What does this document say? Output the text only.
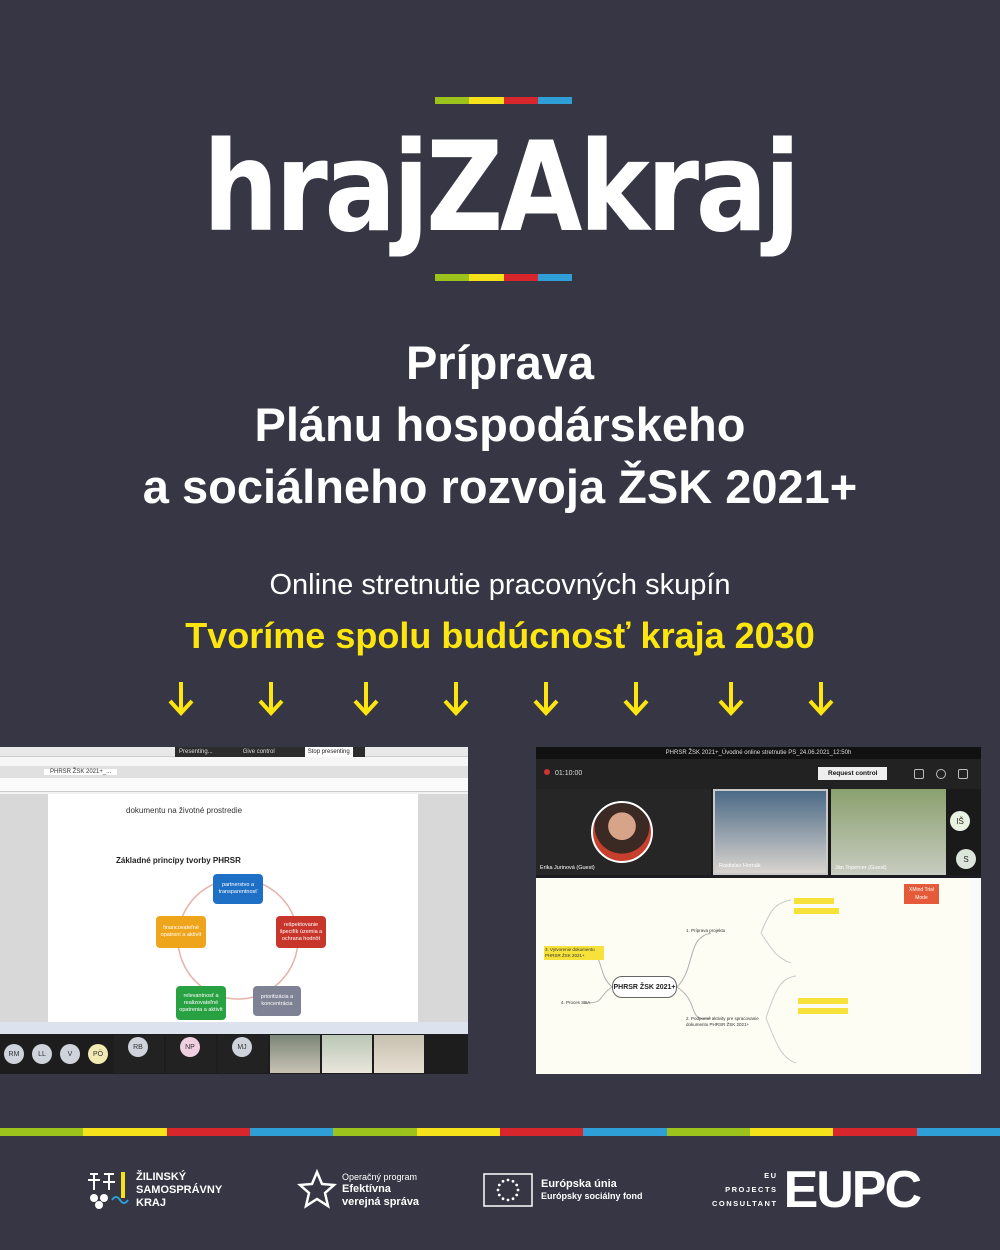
hrajZAkraj
Príprava
Plánu hospodárskeho
a sociálneho rozvoja ŽSK 2021+
Online stretnutie pracovných skupín
Tvoríme spolu budúcnosť kraja 2030
PHRSR ŽSK 2021+_...
Presenting...	Give control	Stop presenting
dokumentu na životné prostredie
Základné princípy tvorby PHRSR
partnerstvo a transparentnosť
rešpektovanie špecifík územia a ochrana hodnôt
prioritizácia a koncentrácia
relevantnosť a realizovateľné opatrenia a aktivít
financovateľné opatrení a aktivít
RM	LL	V	PÖ
RB	NP	MJ
PHRSR ŽSK 2021+_Úvodné online stretnutie PS_24.06.2021_12:50h
01:10:00	Request control
Erika Jurinová (Guest)	Rastislav Hornák	Ján Topercer (Guest)
IŠ
S
PHRSR ŽSK 2021+
1. Príprava projektu
2. Podporné aktivity pre spracovanie dokumentu PHRSR ŽSK 2021+
3. Vytvorenie dokumentu PHRSR ŽSK 2021+
4. Proces SEA
XMind Trial Mode
ŽILINSKÝ
SAMOSPRÁVNY
KRAJ
Operačný program
Efektívna
verejná správa
Európska únia
Európsky sociálny fond
EU
PROJECTS
CONSULTANT EUPC
